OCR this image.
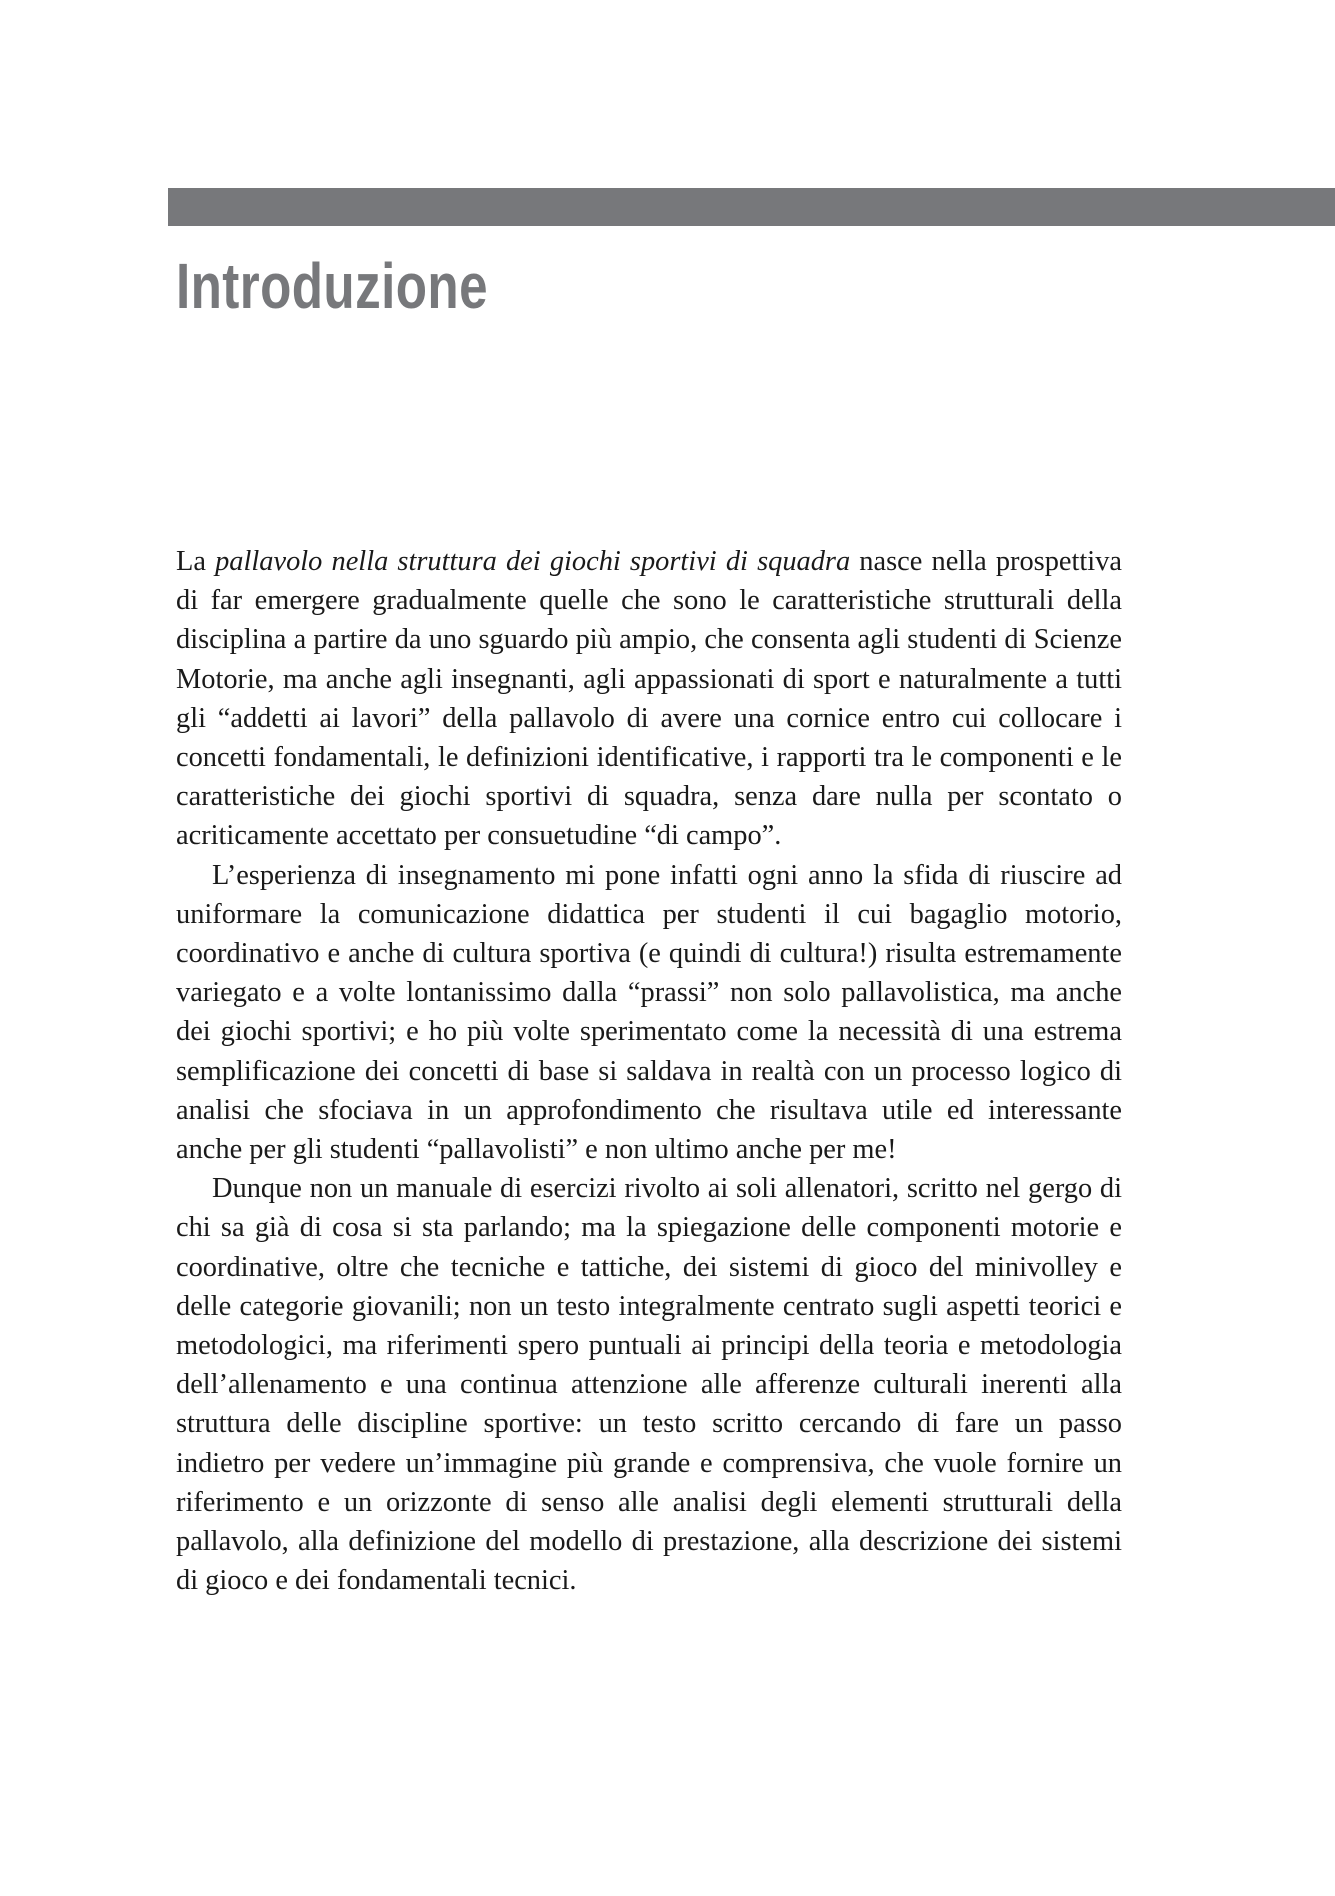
Introduzione

La pallavolo nella struttura dei giochi sportivi di squadra nasce nella prospettiva di far emergere gradualmente quelle che sono le caratteristiche strutturali della disciplina a partire da uno sguardo più ampio, che consenta agli studenti di Scienze Motorie, ma anche agli insegnanti, agli appassionati di sport e naturalmente a tutti gli “addetti ai lavori” della pallavolo di avere una cornice entro cui collocare i concetti fondamentali, le definizioni identificative, i rapporti tra le componenti e le caratteristiche dei giochi sportivi di squadra, senza dare nulla per scontato o acriticamente accettato per consuetudine “di campo”.

L’esperienza di insegnamento mi pone infatti ogni anno la sfida di riuscire ad uniformare la comunicazione didattica per studenti il cui bagaglio motorio, coordinativo e anche di cultura sportiva (e quindi di cultura!) risulta estremamente variegato e a volte lontanissimo dalla “prassi” non solo pallavolistica, ma anche dei giochi sportivi; e ho più volte sperimentato come la necessità di una estrema semplificazione dei concetti di base si saldava in realtà con un processo logico di analisi che sfociava in un approfondimento che risultava utile ed interessante anche per gli studenti “pallavolisti” e non ultimo anche per me!

Dunque non un manuale di esercizi rivolto ai soli allenatori, scritto nel gergo di chi sa già di cosa si sta parlando; ma la spiegazione delle componenti motorie e coordinative, oltre che tecniche e tattiche, dei sistemi di gioco del minivolley e delle categorie giovanili; non un testo integralmente centrato sugli aspetti teorici e metodologici, ma riferimenti spero puntuali ai principi della teoria e metodologia dell’allenamento e una continua attenzione alle afferenze culturali inerenti alla struttura delle discipline sportive: un testo scritto cercando di fare un passo indietro per vedere un’immagine più grande e comprensiva, che vuole fornire un riferimento e un orizzonte di senso alle analisi degli elementi strutturali della pallavolo, alla definizione del modello di prestazione, alla descrizione dei sistemi di gioco e dei fondamentali tecnici.
